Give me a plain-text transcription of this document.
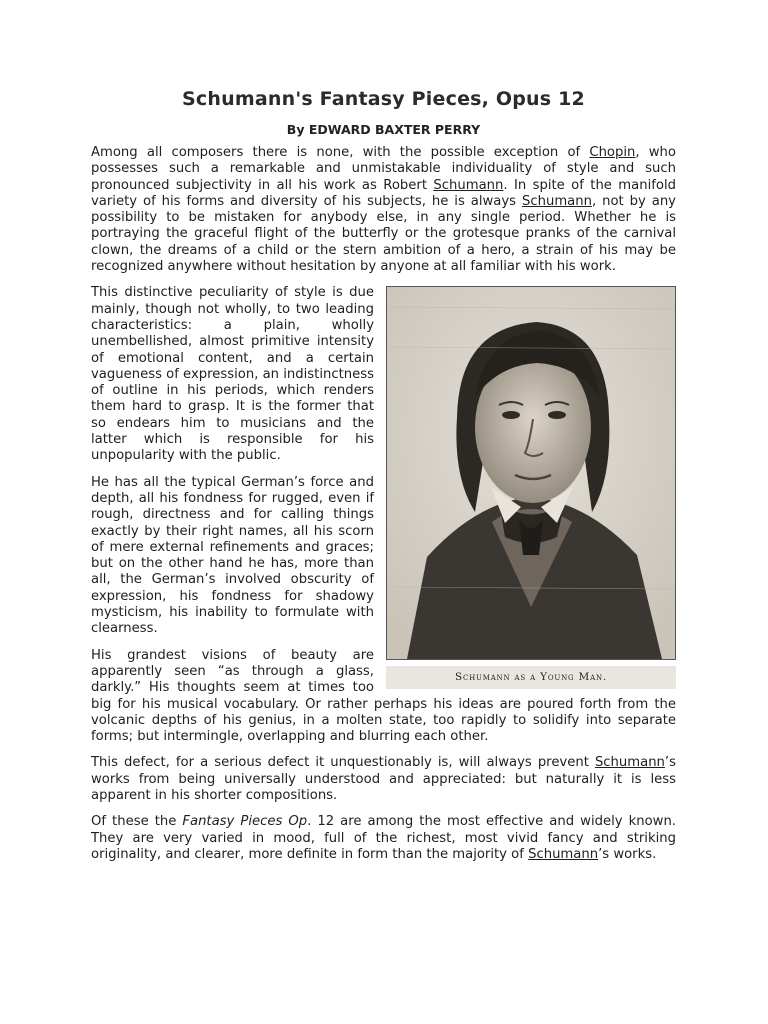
Schumann's Fantasy Pieces, Opus 12
By EDWARD BAXTER PERRY

Among all composers there is none, with the possible exception of Chopin, who possesses such a remarkable and unmistakable individuality of style and such pronounced subjectivity in all his work as Robert Schumann. In spite of the manifold variety of his forms and diversity of his subjects, he is always Schumann, not by any possibility to be mistaken for anybody else, in any single period. Whether he is portraying the graceful flight of the butterfly or the grotesque pranks of the carnival clown, the dreams of a child or the stern ambition of a hero, a strain of his may be recognized anywhere without hesitation by anyone at all familiar with his work.

Schumann as a Young Man.

This distinctive peculiarity of style is due mainly, though not wholly, to two leading characteristics: a plain, wholly unembellished, almost primitive intensity of emotional content, and a certain vagueness of expression, an indistinctness of outline in his periods, which renders them hard to grasp. It is the former that so endears him to musicians and the latter which is responsible for his unpopularity with the public.

He has all the typical German’s force and depth, all his fondness for rugged, even if rough, directness and for calling things exactly by their right names, all his scorn of mere external refinements and graces; but on the other hand he has, more than all, the German’s involved obscurity of expression, his fondness for shadowy mysticism, his inability to formulate with clearness.

His grandest visions of beauty are apparently seen “as through a glass, darkly.” His thoughts seem at times too big for his musical vocabulary. Or rather perhaps his ideas are poured forth from the volcanic depths of his genius, in a molten state, too rapidly to solidify into separate forms; but intermingle, overlapping and blurring each other.

This defect, for a serious defect it unquestionably is, will always prevent Schumann’s works from being universally understood and appreciated: but naturally it is less apparent in his shorter compositions.

Of these the Fantasy Pieces Op. 12 are among the most effective and widely known. They are very varied in mood, full of the richest, most vivid fancy and striking originality, and clearer, more definite in form than the majority of Schumann’s works.
